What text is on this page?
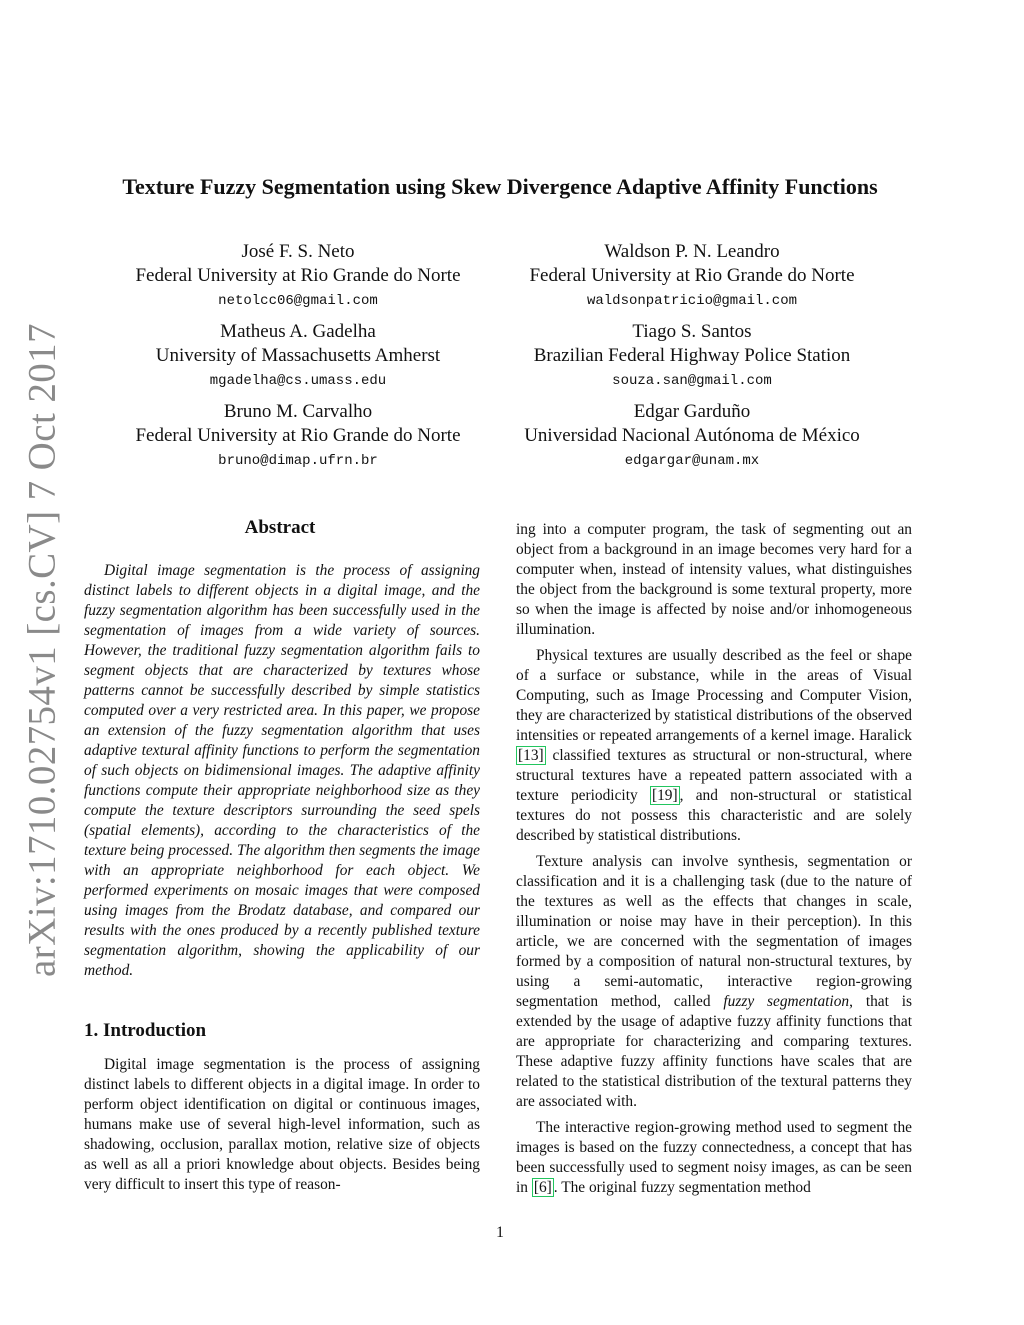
arXiv:1710.02754v1 [cs.CV] 7 Oct 2017
Texture Fuzzy Segmentation using Skew Divergence Adaptive Affinity Functions
José F. S. Neto
Federal University at Rio Grande do Norte
netolcc06@gmail.com
Waldson P. N. Leandro
Federal University at Rio Grande do Norte
waldsonpatricio@gmail.com
Matheus A. Gadelha
University of Massachusetts Amherst
mgadelha@cs.umass.edu
Tiago S. Santos
Brazilian Federal Highway Police Station
souza.san@gmail.com
Bruno M. Carvalho
Federal University at Rio Grande do Norte
bruno@dimap.ufrn.br
Edgar Garduño
Universidad Nacional Autónoma de México
edgargar@unam.mx
Abstract

Digital image segmentation is the process of assigning distinct labels to different objects in a digital image, and the fuzzy segmentation algorithm has been successfully used in the segmentation of images from a wide variety of sources. However, the traditional fuzzy segmentation algorithm fails to segment objects that are characterized by textures whose patterns cannot be successfully described by simple statistics computed over a very restricted area. In this paper, we propose an extension of the fuzzy segmentation algorithm that uses adaptive textural affinity functions to perform the segmentation of such objects on bidimensional images. The adaptive affinity functions compute their appropriate neighborhood size as they compute the texture descriptors surrounding the seed spels (spatial elements), according to the characteristics of the texture being processed. The algorithm then segments the image with an appropriate neighborhood for each object. We performed experiments on mosaic images that were composed using images from the Brodatz database, and compared our results with the ones produced by a recently published texture segmentation algorithm, showing the applicability of our method.

1. Introduction

Digital image segmentation is the process of assigning distinct labels to different objects in a digital image. In order to perform object identification on digital or continuous images, humans make use of several high-level information, such as shadowing, occlusion, parallax motion, relative size of objects as well as all a priori knowledge about objects. Besides being very difficult to insert this type of reason-

ing into a computer program, the task of segmenting out an object from a background in an image becomes very hard for a computer when, instead of intensity values, what distinguishes the object from the background is some textural property, more so when the image is affected by noise and/or inhomogeneous illumination.

Physical textures are usually described as the feel or shape of a surface or substance, while in the areas of Visual Computing, such as Image Processing and Computer Vision, they are characterized by statistical distributions of the observed intensities or repeated arrangements of a kernel image. Haralick [13] classified textures as structural or non-structural, where structural textures have a repeated pattern associated with a texture periodicity [19] , and non-structural or statistical textures do not possess this characteristic and are solely described by statistical distributions.

Texture analysis can involve synthesis, segmentation or classification and it is a challenging task (due to the nature of the textures as well as the effects that changes in scale, illumination or noise may have in their perception). In this article, we are concerned with the segmentation of images formed by a composition of natural non-structural textures, by using a semi-automatic, interactive region-growing segmentation method, called fuzzy segmentation, that is extended by the usage of adaptive fuzzy affinity functions that are appropriate for characterizing and comparing textures. These adaptive fuzzy affinity functions have scales that are related to the statistical distribution of the textural patterns they are associated with.

The interactive region-growing method used to segment the images is based on the fuzzy connectedness, a concept that has been successfully used to segment noisy images, as can be seen in [6] . The original fuzzy segmentation method

1
